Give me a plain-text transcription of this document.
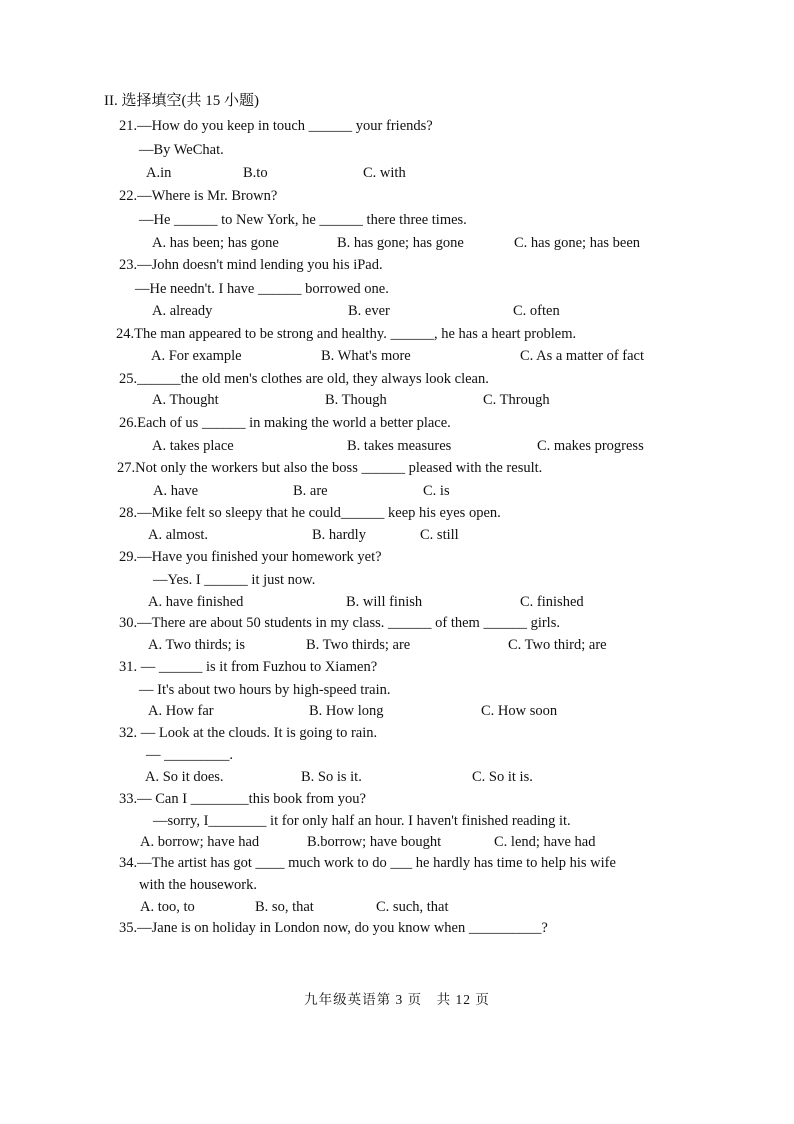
II. 选择填空(共 15 小题)
21.—How do you keep in touch ______ your friends?
—By WeChat.
A.in	B.to	C. with
22.—Where is Mr. Brown?
—He ______ to New York, he ______ there three times.
A. has been; has gone	B. has gone; has gone	C. has gone; has been
23.—John doesn't mind lending you his iPad.
—He needn't. I have ______ borrowed one.
A. already	B. ever	C. often
24.The man appeared to be strong and healthy. ______, he has a heart problem.
A. For example	B. What's more	C. As a matter of fact
25.______the old men's clothes are old, they always look clean.
A. Thought	B. Though	C. Through
26.Each of us ______ in making the world a better place.
A. takes place	B. takes measures	C. makes progress
27.Not only the workers but also the boss ______ pleased with the result.
A. have	B. are	C. is
28.—Mike felt so sleepy that he could______ keep his eyes open.
A. almost.	B. hardly	C. still
29.—Have you finished your homework yet?
—Yes. I ______ it just now.
A. have finished	B. will finish	C. finished
30.—There are about 50 students in my class. ______ of them ______ girls.
A. Two thirds; is	B. Two thirds; are	C. Two third; are
31. — ______ is it from Fuzhou to Xiamen?
— It's about two hours by high-speed train.
A. How far	B. How long	C. How soon
32. — Look at the clouds. It is going to rain.
— _________.
A. So it does.	B. So is it.	C. So it is.
33.— Can I ________this book from you?
—sorry, I________ it for only half an hour. I haven't finished reading it.
A. borrow; have had	B.borrow; have bought	C. lend; have had
34.—The artist has got ____ much work to do ___ he hardly has time to help his wife
with the housework.
A. too, to	B. so, that	C. such, that
35.—Jane is on holiday in London now, do you know when __________?
九年级英语第 3 页　共 12 页
